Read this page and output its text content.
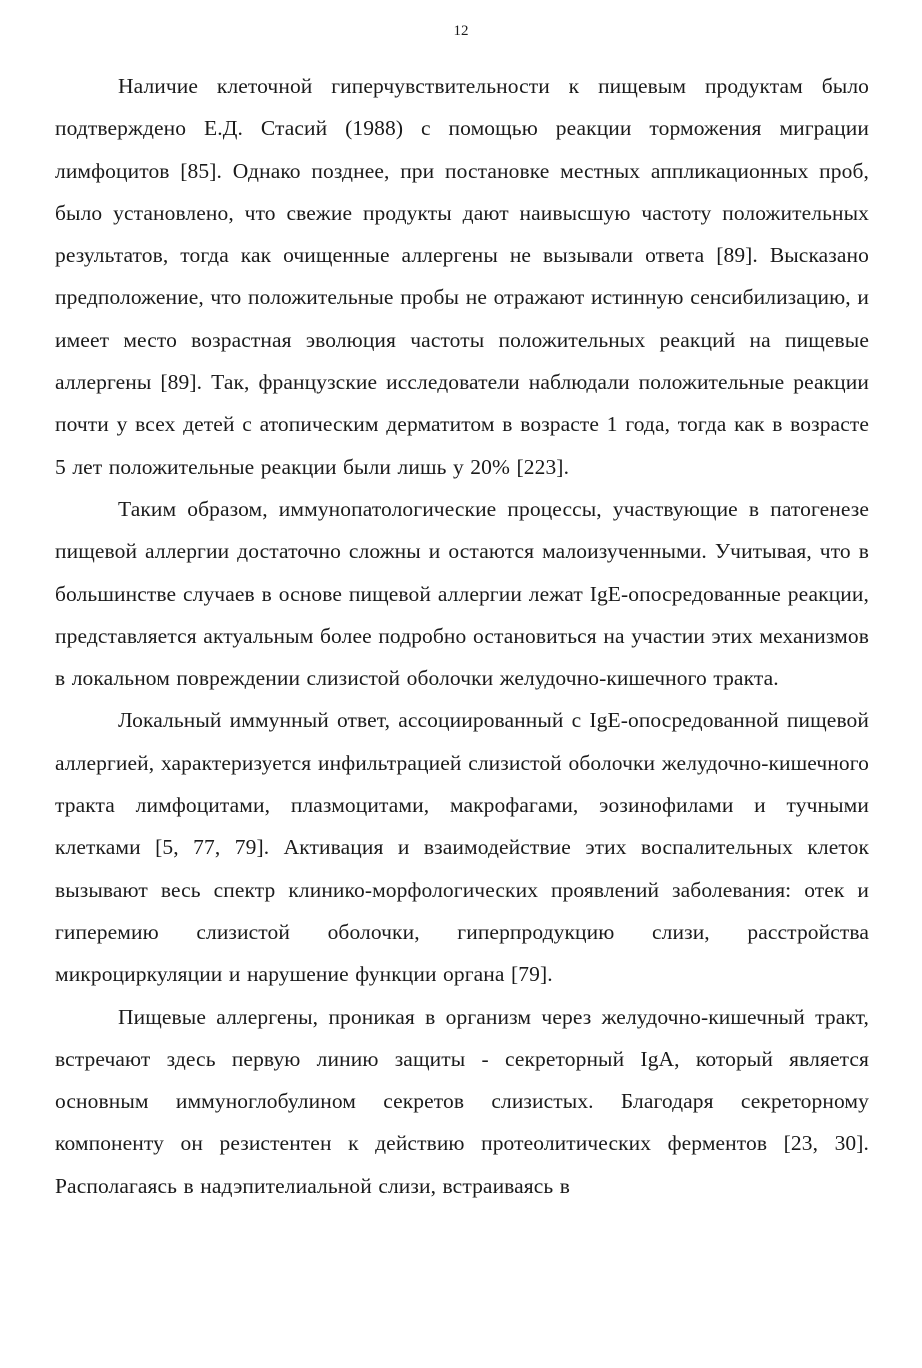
12

Наличие клеточной гиперчувствительности к пищевым продуктам было подтверждено Е.Д. Стасий (1988) с помощью реакции торможения миграции лимфоцитов [85]. Однако позднее, при постановке местных аппликационных проб, было установлено, что свежие продукты дают наивысшую частоту положительных результатов, тогда как очищенные аллергены не вызывали ответа [89]. Высказано предположение, что положительные пробы не отражают истинную сенсибилизацию, и имеет место возрастная эволюция частоты положительных реакций на пищевые аллергены [89]. Так, французские исследователи наблюдали положительные реакции почти у всех детей с атопическим дерматитом в возрасте 1 года, тогда как в возрасте 5 лет положительные реакции были лишь у 20% [223].

Таким образом, иммунопатологические процессы, участвующие в патогенезе пищевой аллергии достаточно сложны и остаются малоизученными. Учитывая, что в большинстве случаев в основе пищевой аллергии лежат IgE-опосредованные реакции, представляется актуальным более подробно остановиться на участии этих механизмов в локальном повреждении слизистой оболочки желудочно-кишечного тракта.

Локальный иммунный ответ, ассоциированный с IgE-опосредованной пищевой аллергией, характеризуется инфильтрацией слизистой оболочки желудочно-кишечного тракта лимфоцитами, плазмоцитами, макрофагами, эозинофилами и тучными клетками [5, 77, 79]. Активация и взаимодействие этих воспалительных клеток вызывают весь спектр клинико-морфологических проявлений заболевания: отек и гиперемию слизистой оболочки, гиперпродукцию слизи, расстройства микроциркуляции и нарушение функции органа [79].

Пищевые аллергены, проникая в организм через желудочно-кишечный тракт, встречают здесь первую линию защиты - секреторный IgA, который является основным иммуноглобулином секретов слизистых. Благодаря секреторному компоненту он резистентен к действию протеолитических ферментов [23, 30]. Располагаясь в надэпителиальной слизи, встраиваясь в
